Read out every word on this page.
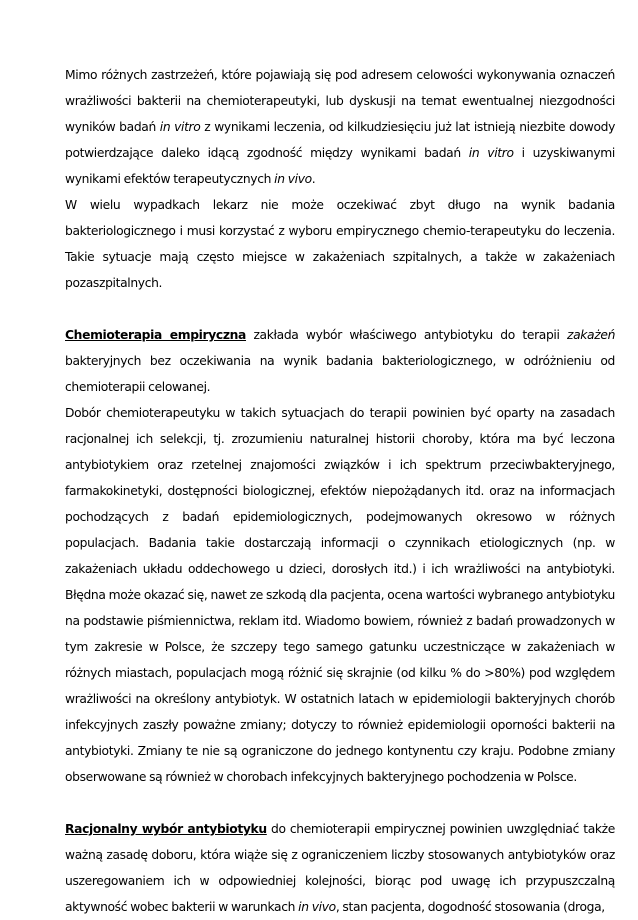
Mimo różnych zastrzeżeń, które pojawiają się pod adresem celowości wykonywania oznaczeń wrażliwości bakterii na chemioterapeutyki, lub dyskusji na temat ewentualnej niezgodności wyników badań in vitro z wynikami leczenia, od kilkudziesięciu już lat istnieją niezbite dowody potwierdzające daleko idącą zgodność między wynikami badań in vitro i uzyskiwanymi wynikami efektów terapeutycznych in vivo.

W wielu wypadkach lekarz nie może oczekiwać zbyt długo na wynik badania bakteriologicznego i musi korzystać z wyboru empirycznego chemio-terapeutyku do leczenia. Takie sytuacje mają często miejsce w zakażeniach szpitalnych, a także w zakażeniach pozaszpitalnych.

Chemioterapia empiryczna zakłada wybór właściwego antybiotyku do terapii zakażeń bakteryjnych bez oczekiwania na wynik badania bakteriologicznego, w odróżnieniu od chemioterapii celowanej.

Dobór chemioterapeutyku w takich sytuacjach do terapii powinien być oparty na zasadach racjonalnej ich selekcji, tj. zrozumieniu naturalnej historii choroby, która ma być leczona antybiotykiem oraz rzetelnej znajomości związków i ich spektrum przeciwbakteryjnego, farmakokinetyki, dostępności biologicznej, efektów niepożądanych itd. oraz na informacjach pochodzących z badań epidemiologicznych, podejmowanych okresowo w różnych populacjach. Badania takie dostarczają informacji o czynnikach etiologicznych (np. w zakażeniach układu oddechowego u dzieci, dorosłych itd.) i ich wrażliwości na antybiotyki. Błędna może okazać się, nawet ze szkodą dla pacjenta, ocena wartości wybranego antybiotyku na podstawie piśmiennictwa, reklam itd. Wiadomo bowiem, również z badań prowadzonych w tym zakresie w Polsce, że szczepy tego samego gatunku uczestniczące w zakażeniach w różnych miastach, populacjach mogą różnić się skrajnie (od kilku % do >80%) pod względem wrażliwości na określony antybiotyk. W ostatnich latach w epidemiologii bakteryjnych chorób infekcyjnych zaszły poważne zmiany; dotyczy to również epidemiologii oporności bakterii na antybiotyki. Zmiany te nie są ograniczone do jednego kontynentu czy kraju. Podobne zmiany obserwowane są również w chorobach infekcyjnych bakteryjnego pochodzenia w Polsce.

Racjonalny wybór antybiotyku do chemioterapii empirycznej powinien uwzględniać także ważną zasadę doboru, która wiąże się z ograniczeniem liczby stosowanych antybiotyków oraz uszeregowaniem ich w odpowiedniej kolejności, biorąc pod uwagę ich przypuszczalną aktywność wobec bakterii w warunkach in vivo, stan pacjenta, dogodność stosowania (droga,
